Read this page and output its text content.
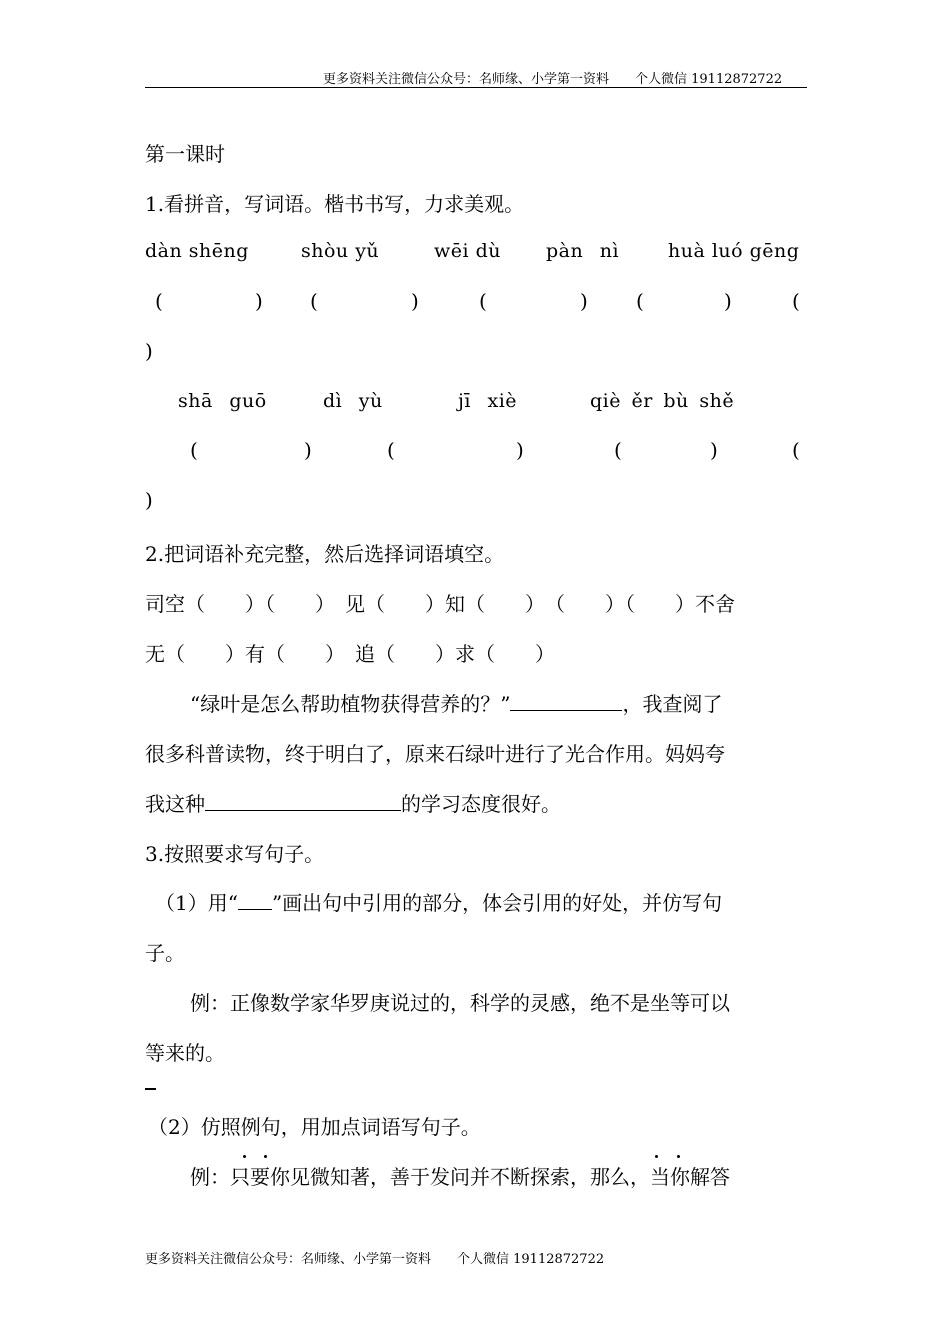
更多资料关注微信公众号：名师缘、小学第一资料　　个人微信 19112872722
第一课时
1.看拼音，写词语。楷书书写，力求美观。
dàn shēng	shòu yǔ	wēi dù pàn nì	huà luó gēng
(	) (	)	(	) (	)	(
)
shā guō	dì yù	jī xiè	qiè ěr bù shě
(	)	(	)	(	)	(
)
2.把词语补充完整，然后选择词语填空。
司空（　　）（　　）　见（　　）知（　　）　（　　）（　　）不舍
无（　　）有（　　）　追（　　）求（　　）
“绿叶是怎么帮助植物获得营养的？”	，我查阅了
很多科普读物，终于明白了，原来石绿叶进行了光合作用。妈妈夸
我这种	的学习态度很好。
3.按照要求写句子。
（1）用“ ”画出句中引用的部分，体会引用的好处，并仿写句
子。
例：正像数学家华罗庚说过的，科学的灵感，绝不是坐等可以
等来的。
（2）仿照例句，用加点词语写句子。
例：只要你见微知著，善于发问并不断探索，那么，当你解答
更多资料关注微信公众号：名师缘、小学第一资料　　个人微信 19112872722
